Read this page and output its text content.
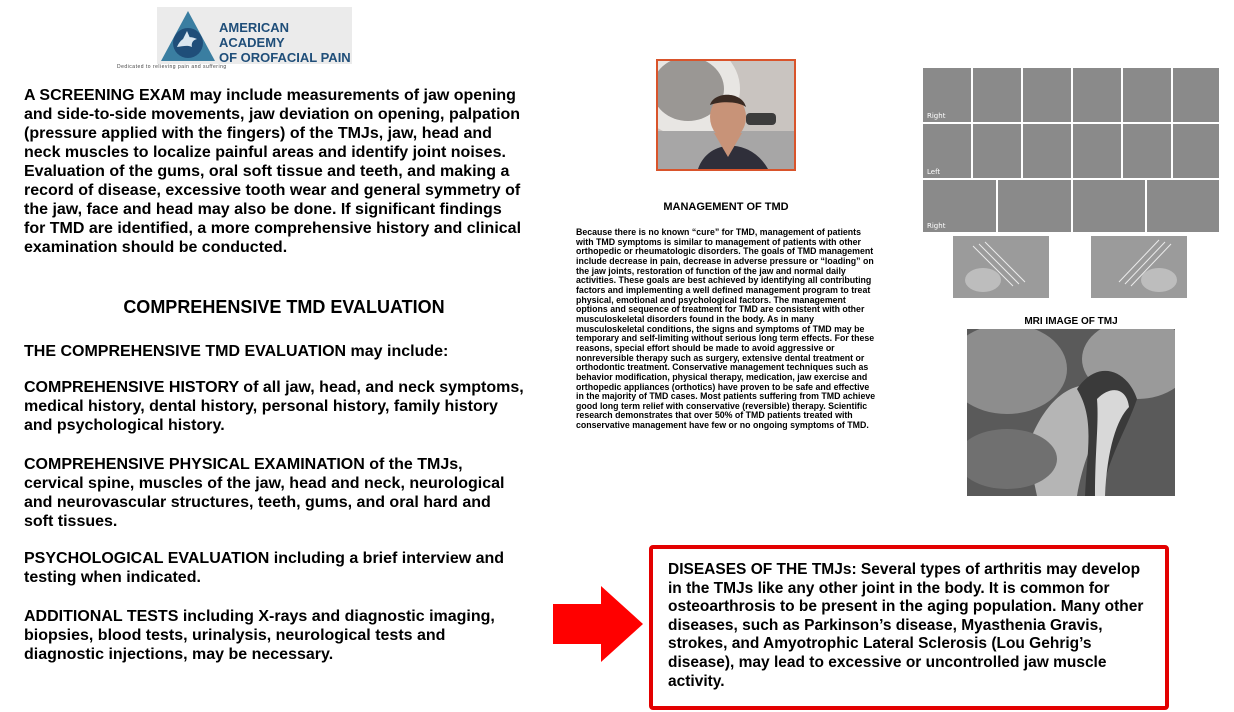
AMERICAN ACADEMY
OF OROFACIAL PAIN
Dedicated to relieving pain and suffering

A SCREENING EXAM may include measurements of jaw opening and side-to-side movements, jaw deviation on opening, palpation (pressure applied with the fingers) of the TMJs, jaw, head and neck muscles to localize painful areas and identify joint noises. Evaluation of the gums, oral soft tissue and teeth, and making a record of disease, excessive tooth wear and general symmetry of the jaw, face and head may also be done. If significant findings for TMD are identified, a more comprehensive history and clinical examination should be conducted.

COMPREHENSIVE TMD EVALUATION

THE COMPREHENSIVE TMD EVALUATION may include:

COMPREHENSIVE HISTORY of all jaw, head, and neck symptoms, medical history, dental history, personal history, family history and psychological history.

COMPREHENSIVE PHYSICAL EXAMINATION of the TMJs, cervical spine, muscles of the jaw, head and neck, neurological and neurovascular structures, teeth, gums, and oral hard and soft tissues.

PSYCHOLOGICAL EVALUATION including a brief interview and testing when indicated.

ADDITIONAL TESTS including X-rays and diagnostic imaging, biopsies, blood tests, urinalysis, neurological tests and diagnostic injections, may be necessary.

MANAGEMENT OF TMD

Because there is no known “cure” for TMD, management of patients with TMD symptoms is similar to management of patients with other orthopedic or rheumatologic disorders. The goals of TMD management include decrease in pain, decrease in adverse pressure or “loading” on the jaw joints, restoration of function of the jaw and normal daily activities. These goals are best achieved by identifying all contributing factors and implementing a well defined management program to treat physical, emotional and psychological factors. The management options and sequence of treatment for TMD are consistent with other musculoskeletal disorders found in the body. As in many musculoskeletal conditions, the signs and symptoms of TMD may be temporary and self-limiting without serious long term effects. For these reasons, special effort should be made to avoid aggressive or nonreversible therapy such as surgery, extensive dental treatment or orthodontic treatment. Conservative management techniques such as behavior modification, physical therapy, medication, jaw exercise and orthopedic appliances (orthotics) have proven to be safe and effective in the majority of TMD cases. Most patients suffering from TMD achieve good long term relief with conservative (reversible) therapy. Scientific research demonstrates that over 50% of TMD patients treated with conservative management have few or no ongoing symptoms of TMD.

Right
Left
Right
MRI IMAGE OF TMJ

DISEASES OF THE TMJs: Several types of arthritis may develop in the TMJs like any other joint in the body. It is common for osteoarthrosis to be present in the aging population. Many other diseases, such as Parkinson’s disease, Myasthenia Gravis, strokes, and Amyotrophic Lateral Sclerosis (Lou Gehrig’s disease), may lead to excessive or uncontrolled jaw muscle activity.
